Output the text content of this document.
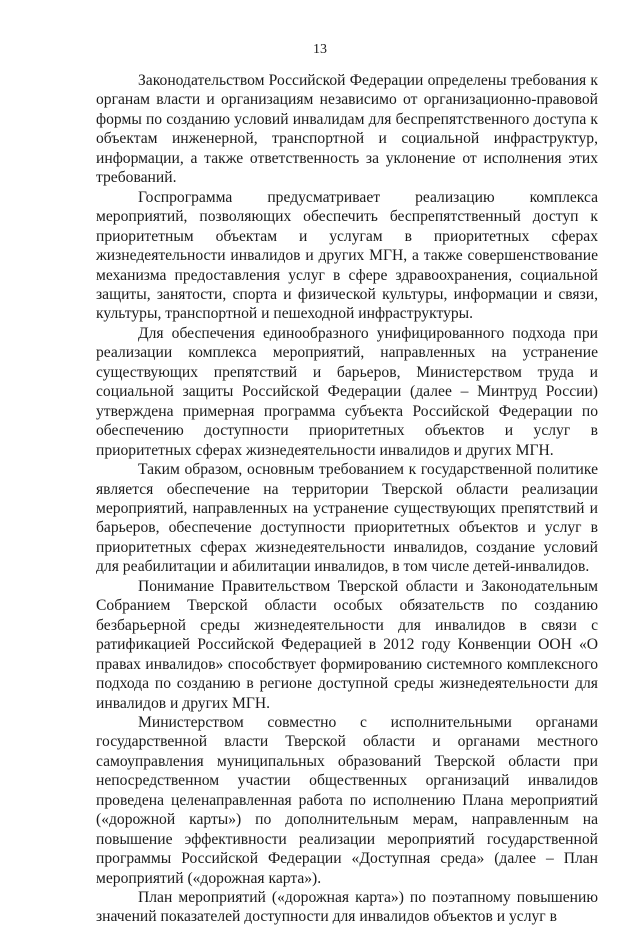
13

Законодательством Российской Федерации определены требования к органам власти и организациям независимо от организационно-правовой формы по созданию условий инвалидам для беспрепятственного доступа к объектам инженерной, транспортной и социальной инфраструктур, информации, а также ответственность за уклонение от исполнения этих требований.

Госпрограмма предусматривает реализацию комплекса мероприятий, позволяющих обеспечить беспрепятственный доступ к приоритетным объектам и услугам в приоритетных сферах жизнедеятельности инвалидов и других МГН, а также совершенствование механизма предоставления услуг в сфере здравоохранения, социальной защиты, занятости, спорта и физической культуры, информации и связи, культуры, транспортной и пешеходной инфраструктуры.

Для обеспечения единообразного унифицированного подхода при реализации комплекса мероприятий, направленных на устранение существующих препятствий и барьеров, Министерством труда и социальной защиты Российской Федерации (далее – Минтруд России) утверждена примерная программа субъекта Российской Федерации по обеспечению доступности приоритетных объектов и услуг в приоритетных сферах жизнедеятельности инвалидов и других МГН.

Таким образом, основным требованием к государственной политике является обеспечение на территории Тверской области реализации мероприятий, направленных на устранение существующих препятствий и барьеров, обеспечение доступности приоритетных объектов и услуг в приоритетных сферах жизнедеятельности инвалидов, создание условий для реабилитации и абилитации инвалидов, в том числе детей-инвалидов.

Понимание Правительством Тверской области и Законодательным Собранием Тверской области особых обязательств по созданию безбарьерной среды жизнедеятельности для инвалидов в связи с ратификацией Российской Федерацией в 2012 году Конвенции ООН «О правах инвалидов» способствует формированию системного комплексного подхода по созданию в регионе доступной среды жизнедеятельности для инвалидов и других МГН.

Министерством совместно с исполнительными органами государственной власти Тверской области и органами местного самоуправления муниципальных образований Тверской области при непосредственном участии общественных организаций инвалидов проведена целенаправленная работа по исполнению Плана мероприятий («дорожной карты») по дополнительным мерам, направленным на повышение эффективности реализации мероприятий государственной программы Российской Федерации «Доступная среда» (далее – План мероприятий («дорожная карта»).

План мероприятий («дорожная карта») по поэтапному повышению значений показателей доступности для инвалидов объектов и услуг в
